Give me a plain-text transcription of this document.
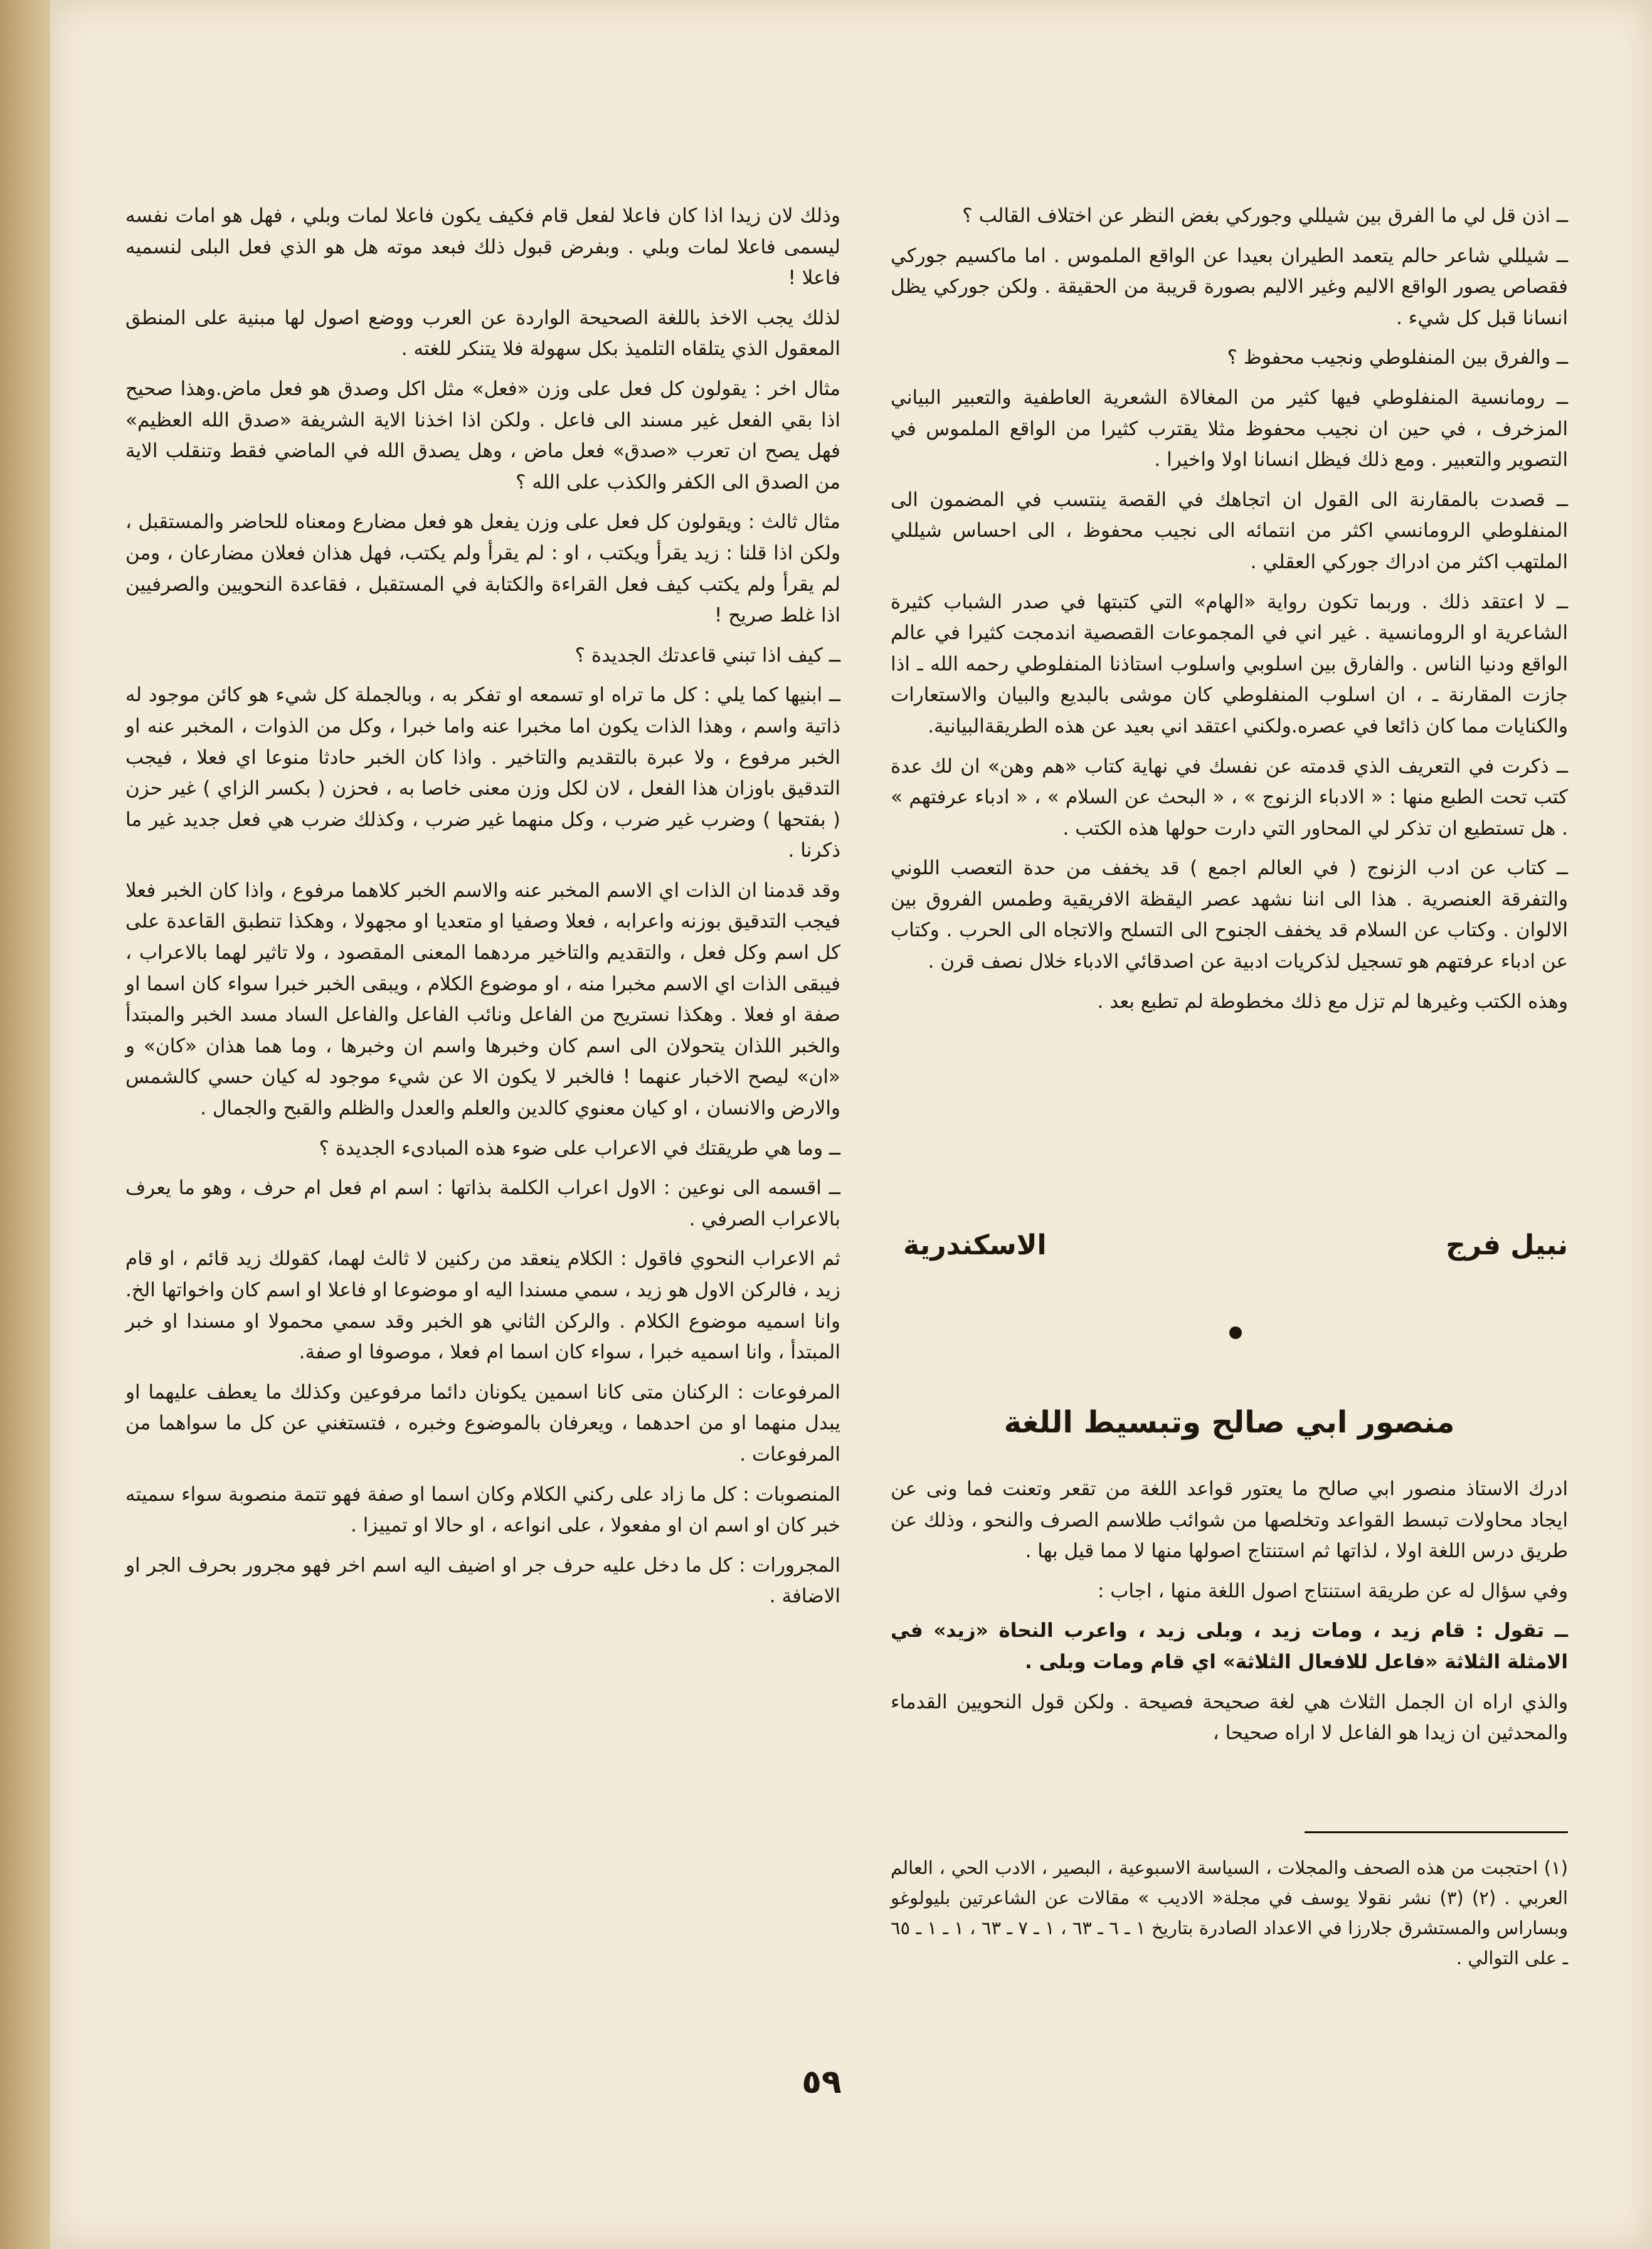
ــ اذن قل لي ما الفرق بين شيللي وجوركي بغض النظر عن اختلاف القالب ؟

ــ شيللي شاعر حالم يتعمد الطيران بعيدا عن الواقع الملموس . اما ماكسيم جوركي فقصاص يصور الواقع الاليم وغير الاليم بصورة قريبة من الحقيقة . ولكن جوركي يظل انسانا قبل كل شيء .

ــ والفرق بين المنفلوطي ونجيب محفوظ ؟

ــ رومانسية المنفلوطي فيها كثير من المغالاة الشعرية العاطفية والتعبير البياني المزخرف ، في حين ان نجيب محفوظ مثلا يقترب كثيرا من الواقع الملموس في التصوير والتعبير . ومع ذلك فيظل انسانا اولا واخيرا .

ــ قصدت بالمقارنة الى القول ان اتجاهك في القصة ينتسب في المضمون الى المنفلوطي الرومانسي اكثر من انتمائه الى نجيب محفوظ ، الى احساس شيللي الملتهب اكثر من ادراك جوركي العقلي .

ــ لا اعتقد ذلك . وربما تكون رواية «الهام» التي كتبتها في صدر الشباب كثيرة الشاعرية او الرومانسية . غير اني في المجموعات القصصية اندمجت كثيرا في عالم الواقع ودنيا الناس . والفارق بين اسلوبي واسلوب استاذنا المنفلوطي رحمه الله ـ اذا جازت المقارنة ـ ، ان اسلوب المنفلوطي كان موشى بالبديع والبيان والاستعارات والكنايات مما كان ذائعا في عصره.ولكني اعتقد اني بعيد عن هذه الطريقةالبيانية.

ــ ذكرت في التعريف الذي قدمته عن نفسك في نهاية كتاب «هم وهن» ان لك عدة كتب تحت الطبع منها : « الادباء الزنوج » ، « البحث عن السلام » ، « ادباء عرفتهم » . هل تستطيع ان تذكر لي المحاور التي دارت حولها هذه الكتب .

ــ كتاب عن ادب الزنوج ( في العالم اجمع ) قد يخفف من حدة التعصب اللوني والتفرقة العنصرية . هذا الى اننا نشهد عصر اليقظة الافريقية وطمس الفروق بين الالوان . وكتاب عن السلام قد يخفف الجنوح الى التسلح والاتجاه الى الحرب . وكتاب عن ادباء عرفتهم هو تسجيل لذكريات ادبية عن اصدقائي الادباء خلال نصف قرن .

وهذه الكتب وغيرها لم تزل مع ذلك مخطوطة لم تطبع بعد .

نبيل فرج
الاسكندرية
منصور ابي صالح وتبسيط اللغة

ادرك الاستاذ منصور ابي صالح ما يعتور قواعد اللغة من تقعر وتعنت فما ونى عن ايجاد محاولات تبسط القواعد وتخلصها من شوائب طلاسم الصرف والنحو ، وذلك عن طريق درس اللغة اولا ، لذاتها ثم استنتاج اصولها منها لا مما قيل بها .

وفي سؤال له عن طريقة استنتاج اصول اللغة منها ، اجاب :

ــ تقول : قام زيد ، ومات زيد ، وبلى زيد ، واعرب النحاة «زيد» في الامثلة الثلاثة «فاعل للافعال الثلاثة» اي قام ومات وبلى .

والذي اراه ان الجمل الثلاث هي لغة صحيحة فصيحة . ولكن قول النحويين القدماء والمحدثين ان زيدا هو الفاعل لا اراه صحيحا ،

(١) احتجبت من هذه الصحف والمجلات ، السياسة الاسبوعية ، البصير ، الادب الحي ، العالم العربي . (٢) (٣) نشر نقولا يوسف في مجلة« الاديب » مقالات عن الشاعرتين بليولوغو وبساراس والمستشرق جلارزا في الاعداد الصادرة بتاريخ ١ ـ ٦ ـ ٦٣ ، ١ ـ ٧ ـ ٦٣ ، ١ ـ ١ ـ ٦٥ ـ على التوالي .

وذلك لان زيدا اذا كان فاعلا لفعل قام فكيف يكون فاعلا لمات وبلي ، فهل هو امات نفسه ليسمى فاعلا لمات وبلي . وبفرض قبول ذلك فبعد موته هل هو الذي فعل البلى لنسميه فاعلا !

لذلك يجب الاخذ باللغة الصحيحة الواردة عن العرب ووضع اصول لها مبنية على المنطق المعقول الذي يتلقاه التلميذ بكل سهولة فلا يتنكر للغته .

مثال اخر : يقولون كل فعل على وزن «فعل» مثل اكل وصدق هو فعل ماض.وهذا صحيح اذا بقي الفعل غير مسند الى فاعل . ولكن اذا اخذنا الاية الشريفة «صدق الله العظيم» فهل يصح ان تعرب «صدق» فعل ماض ، وهل يصدق الله في الماضي فقط وتنقلب الاية من الصدق الى الكفر والكذب على الله ؟

مثال ثالث : ويقولون كل فعل على وزن يفعل هو فعل مضارع ومعناه للحاضر والمستقبل ، ولكن اذا قلنا : زيد يقرأ ويكتب ، او : لم يقرأ ولم يكتب، فهل هذان فعلان مضارعان ، ومن لم يقرأ ولم يكتب كيف فعل القراءة والكتابة في المستقبل ، فقاعدة النحويين والصرفيين اذا غلط صريح !

ــ كيف اذا تبني قاعدتك الجديدة ؟

ــ ابنيها كما يلي : كل ما تراه او تسمعه او تفكر به ، وبالجملة كل شيء هو كائن موجود له ذاتية واسم ، وهذا الذات يكون اما مخبرا عنه واما خبرا ، وكل من الذوات ، المخبر عنه او الخبر مرفوع ، ولا عبرة بالتقديم والتاخير . واذا كان الخبر حادثا منوعا اي فعلا ، فيجب التدقيق باوزان هذا الفعل ، لان لكل وزن معنى خاصا به ، فحزن ( بكسر الزاي ) غير حزن ( بفتحها ) وضرب غير ضرب ، وكل منهما غير ضرب ، وكذلك ضرب هي فعل جديد غير ما ذكرنا .

وقد قدمنا ان الذات اي الاسم المخبر عنه والاسم الخبر كلاهما مرفوع ، واذا كان الخبر فعلا فيجب التدقيق بوزنه واعرابه ، فعلا وصفيا او متعديا او مجهولا ، وهكذا تنطبق القاعدة على كل اسم وكل فعل ، والتقديم والتاخير مردهما المعنى المقصود ، ولا تاثير لهما بالاعراب ، فيبقى الذات اي الاسم مخبرا منه ، او موضوع الكلام ، ويبقى الخبر خبرا سواء كان اسما او صفة او فعلا . وهكذا نستريح من الفاعل ونائب الفاعل والفاعل الساد مسد الخبر والمبتدأ والخبر اللذان يتحولان الى اسم كان وخبرها واسم ان وخبرها ، وما هما هذان «كان» و «ان» ليصح الاخبار عنهما ! فالخبر لا يكون الا عن شيء موجود له كيان حسي كالشمس والارض والانسان ، او كيان معنوي كالدين والعلم والعدل والظلم والقبح والجمال .

ــ وما هي طريقتك في الاعراب على ضوء هذه المبادىء الجديدة ؟

ــ اقسمه الى نوعين : الاول اعراب الكلمة بذاتها : اسم ام فعل ام حرف ، وهو ما يعرف بالاعراب الصرفي .

ثم الاعراب النحوي فاقول : الكلام ينعقد من ركنين لا ثالث لهما، كقولك زيد قائم ، او قام زيد ، فالركن الاول هو زيد ، سمي مسندا اليه او موضوعا او فاعلا او اسم كان واخواتها الخ. وانا اسميه موضوع الكلام . والركن الثاني هو الخبر وقد سمي محمولا او مسندا او خبر المبتدأ ، وانا اسميه خبرا ، سواء كان اسما ام فعلا ، موصوفا او صفة.

المرفوعات : الركنان متى كانا اسمين يكونان دائما مرفوعين وكذلك ما يعطف عليهما او يبدل منهما او من احدهما ، ويعرفان بالموضوع وخبره ، فتستغني عن كل ما سواهما من المرفوعات .

المنصوبات : كل ما زاد على ركني الكلام وكان اسما او صفة فهو تتمة منصوبة سواء سميته خبر كان او اسم ان او مفعولا ، على انواعه ، او حالا او تمييزا .

المجرورات : كل ما دخل عليه حرف جر او اضيف اليه اسم اخر فهو مجرور بحرف الجر او الاضافة .

٥٩
